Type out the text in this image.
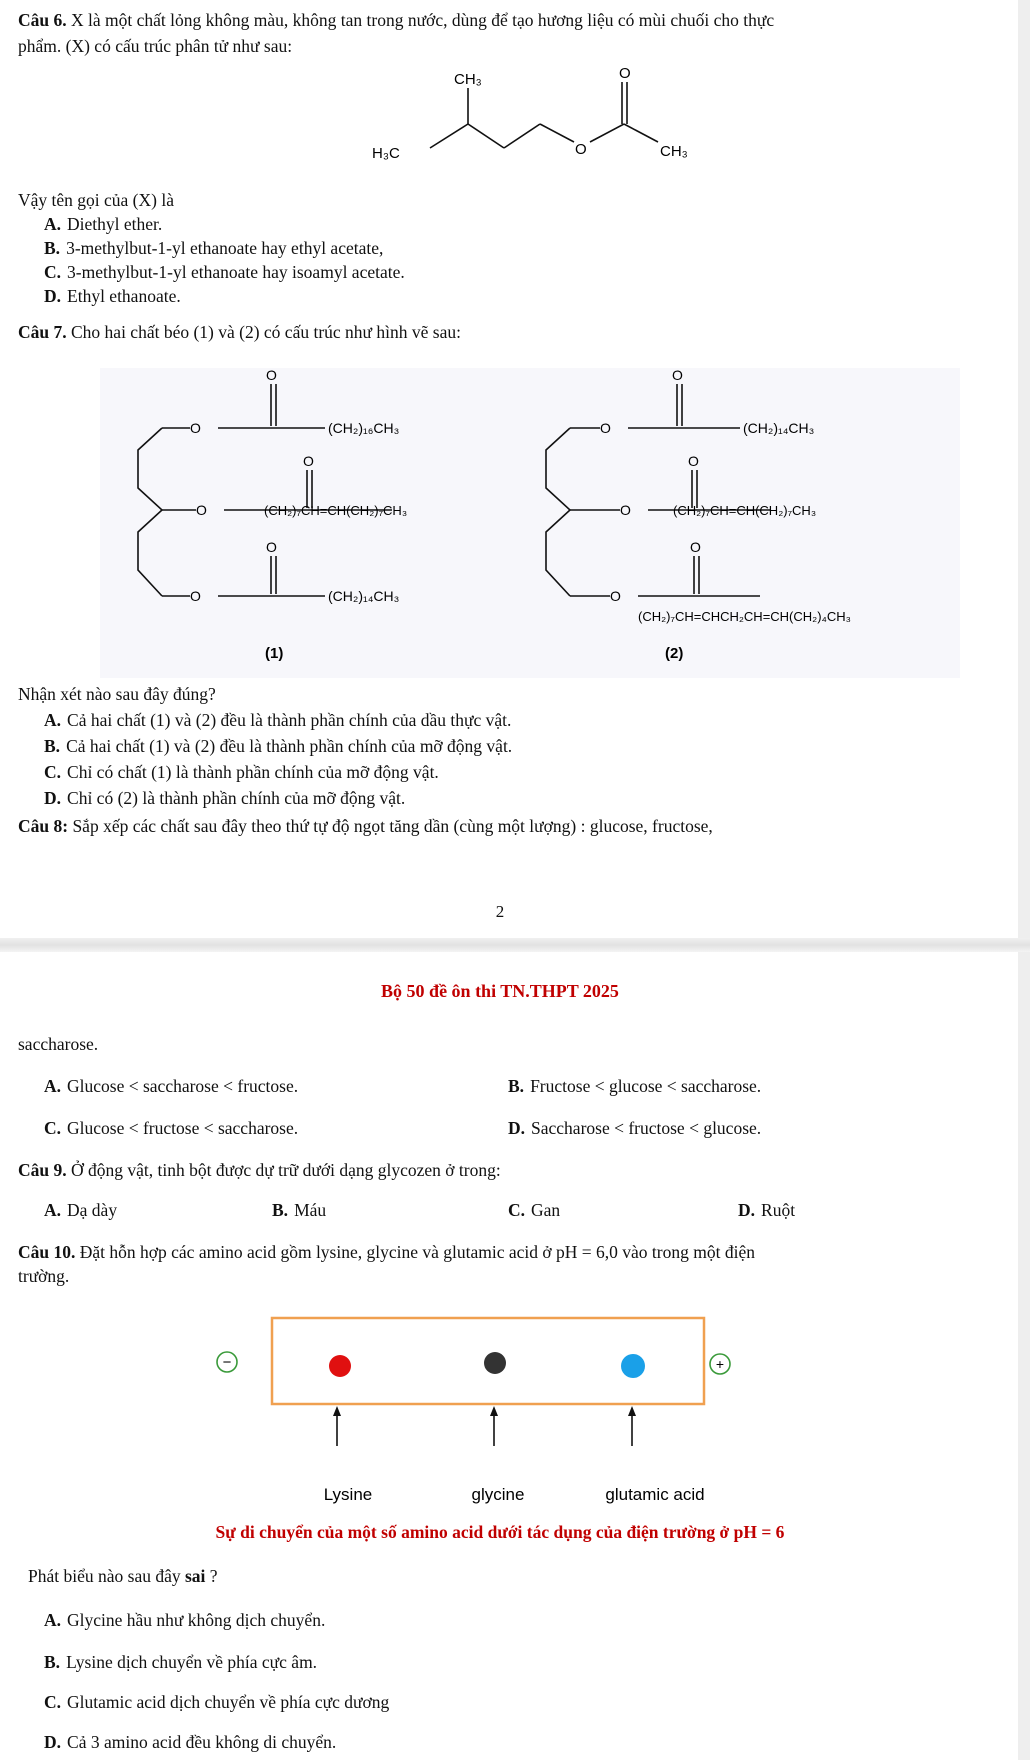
Câu 6. X là một chất lỏng không màu, không tan trong nước, dùng để tạo hương liệu có mùi chuối cho thực
phẩm. (X) có cấu trúc phân tử như sau:
CH₃	O
H₃C	O	CH₃
Vậy tên gọi của (X) là
A. Diethyl ether.
B. 3-methylbut-1-yl ethanoate hay ethyl acetate,
C. 3-methylbut-1-yl ethanoate hay isoamyl acetate.
D. Ethyl ethanoate.
Câu 7. Cho hai chất béo (1) và (2) có cấu trúc như hình vẽ sau:
O
O	(CH₂)₁₆CH₃
O
O	(CH₂)₇CH=CH(CH₂)₇CH₃
O
O	(CH₂)₁₄CH₃
O
O	(CH₂)₁₄CH₃
O
O	(CH₂)₇CH=CH(CH₂)₇CH₃
O
O
(CH₂)₇CH=CHCH₂CH=CH(CH₂)₄CH₃
(1)	(2)
Nhận xét nào sau đây đúng?
A. Cả hai chất (1) và (2) đều là thành phần chính của dầu thực vật.
B. Cả hai chất (1) và (2) đều là thành phần chính của mỡ động vật.
C. Chỉ có chất (1) là thành phần chính của mỡ động vật.
D. Chỉ có (2) là thành phần chính của mỡ động vật.
Câu 8: Sắp xếp các chất sau đây theo thứ tự độ ngọt tăng dần (cùng một lượng) : glucose, fructose,
2
Bộ 50 đề ôn thi TN.THPT 2025
saccharose.
A. Glucose < saccharose < fructose.	B. Fructose < glucose < saccharose.
C. Glucose < fructose < saccharose.	D. Saccharose < fructose < glucose.
Câu 9. Ở động vật, tinh bột được dự trữ dưới dạng glycozen ở trong:
A. Dạ dày	B. Máu	C. Gan	D. Ruột
Câu 10. Đặt hỗn hợp các amino acid gồm lysine, glycine và glutamic acid ở pH = 6,0 vào trong một điện
trường.
−	+
Lysine	glycine	glutamic acid
Sự di chuyển của một số amino acid dưới tác dụng của điện trường ở pH = 6
Phát biểu nào sau đây sai ?
A. Glycine hầu như không dịch chuyển.
B. Lysine dịch chuyển về phía cực âm.
C. Glutamic acid dịch chuyển về phía cực dương
D. Cả 3 amino acid đều không di chuyển.
